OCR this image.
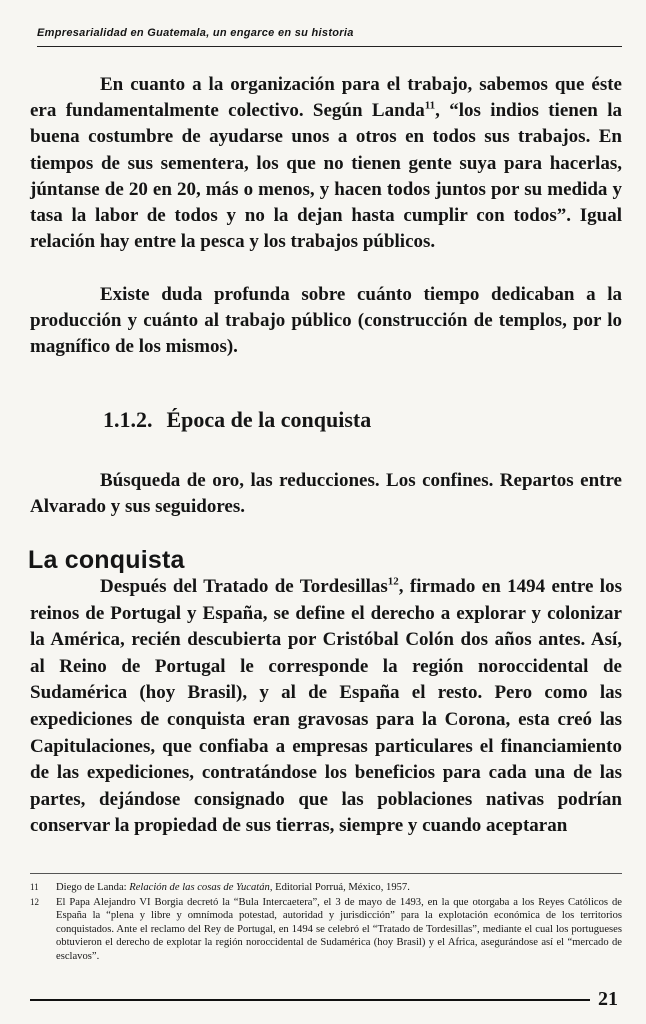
Empresarialidad en Guatemala, un engarce en su historia

En cuanto a la organización para el trabajo, sabemos que éste era fundamentalmente colectivo. Según Landa$^{11}$, “los indios tienen la buena costumbre de ayudarse unos a otros en todos sus trabajos. En tiempos de sus sementera, los que no tienen gente suya para hacerlas, júntanse de 20 en 20, más o menos, y hacen todos juntos por su medida y tasa la labor de todos y no la dejan hasta cumplir con todos”. Igual relación hay entre la pesca y los trabajos públicos.

Existe duda profunda sobre cuánto tiempo dedicaban a la producción y cuánto al trabajo público (construcción de templos, por lo magnífico de los mismos).

1.1.2. Época de la conquista

Búsqueda de oro, las reducciones. Los confines. Repartos entre Alvarado y sus seguidores.

La conquista

Después del Tratado de Tordesillas$^{12}$, firmado en 1494 entre los reinos de Portugal y España, se define el derecho a explorar y colonizar la América, recién descubierta por Cristóbal Colón dos años antes. Así, al Reino de Portugal le corresponde la región noroccidental de Sudamérica (hoy Brasil), y al de España el resto. Pero como las expediciones de conquista eran gravosas para la Corona, esta creó las Capitulaciones, que confiaba a empresas particulares el financiamiento de las expediciones, contratándose los beneficios para cada una de las partes, dejándose consignado que las poblaciones nativas podrían conservar la propiedad de sus tierras, siempre y cuando aceptaran

11 Diego de Landa: Relación de las cosas de Yucatán, Editorial Porruá, México, 1957.

12 El Papa Alejandro VI Borgia decretó la “Bula Intercaetera”, el 3 de mayo de 1493, en la que otorgaba a los Reyes Católicos de España la “plena y libre y omnímoda potestad, autoridad y jurisdicción” para la explotación económica de los territorios conquistados. Ante el reclamo del Rey de Portugal, en 1494 se celebró el “Tratado de Tordesillas”, mediante el cual los portugueses obtuvieron el derecho de explotar la región noroccidental de Sudamérica (hoy Brasil) y el Africa, asegurándose así el “mercado de esclavos”.

21
